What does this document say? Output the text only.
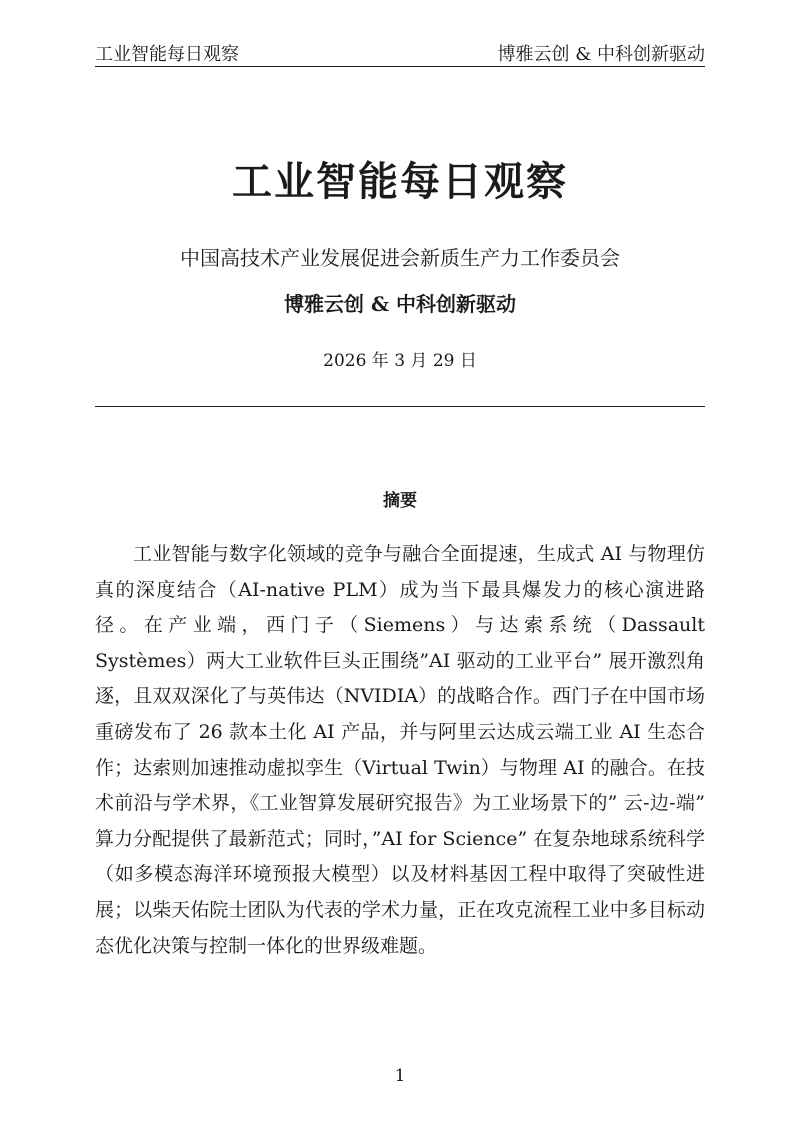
工业智能每日观察	博雅云创 & 中科创新驱动
工业智能每日观察
中国高技术产业发展促进会新质生产力工作委员会
博雅云创 & 中科创新驱动
2026 年 3 月 29 日
摘要

工业智能与数字化领域的竞争与融合全面提速，生成式 AI 与物理仿真的深度结合（AI-native PLM）成为当下最具爆发力的核心演进路径。在产业端，西门子（Siemens）与达索系统（Dassault Systèmes）两大工业软件巨头正围绕”AI 驱动的工业平台” 展开激烈角逐，且双双深化了与英伟达（NVIDIA）的战略合作。西门子在中国市场重磅发布了 26 款本土化 AI 产品，并与阿里云达成云端工业 AI 生态合作；达索则加速推动虚拟孪生（Virtual Twin）与物理 AI 的融合。在技术前沿与学术界，《工业智算发展研究报告》为工业场景下的” 云-边-端” 算力分配提供了最新范式；同时，”AI for Science” 在复杂地球系统科学（如多模态海洋环境预报大模型）以及材料基因工程中取得了突破性进展；以柴天佑院士团队为代表的学术力量，正在攻克流程工业中多目标动态优化决策与控制一体化的世界级难题。

1
